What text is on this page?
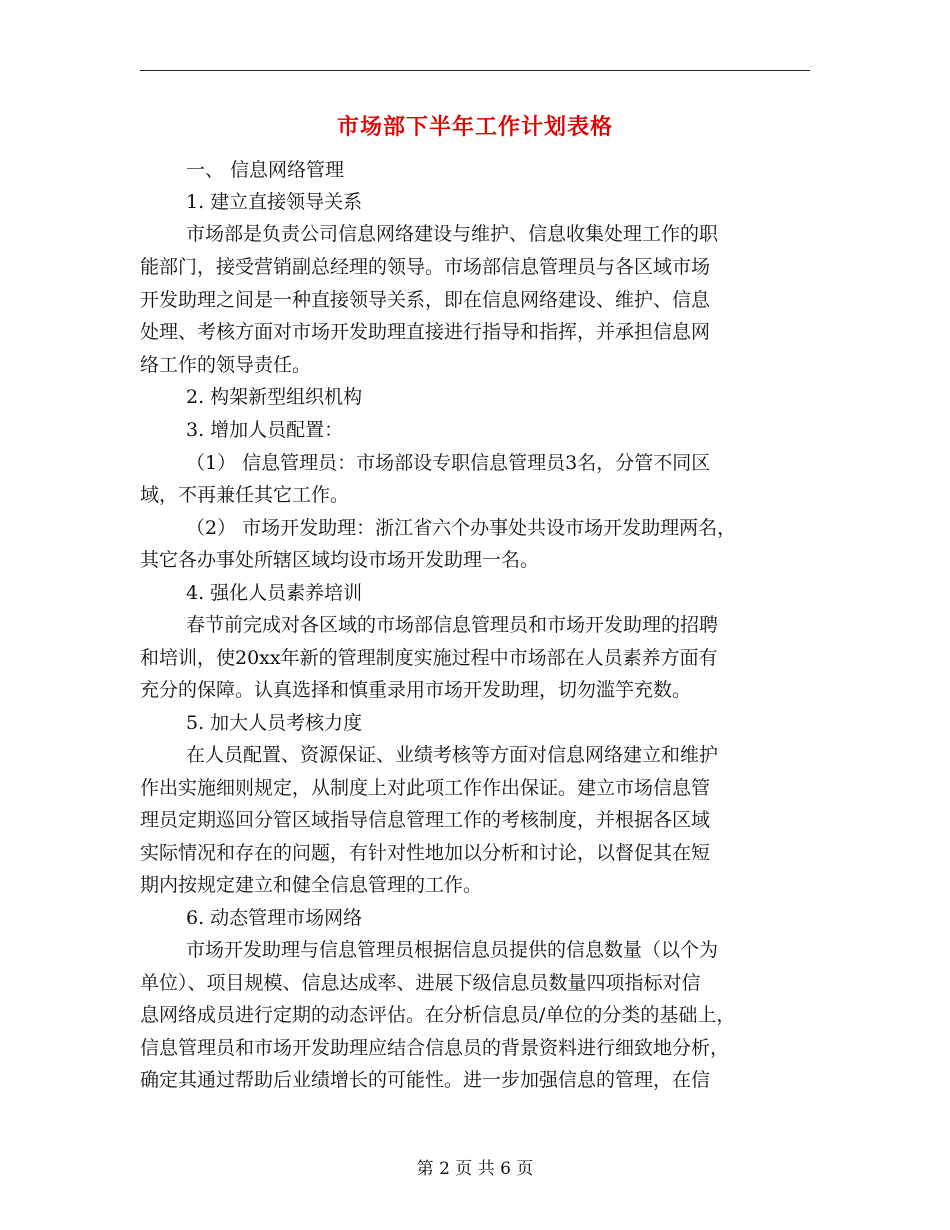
市场部下半年工作计划表格

一、 信息网络管理

1. 建立直接领导关系

市场部是负责公司信息网络建设与维护、信息收集处理工作的职

能部门，接受营销副总经理的领导。市场部信息管理员与各区域市场

开发助理之间是一种直接领导关系，即在信息网络建设、维护、信息

处理、考核方面对市场开发助理直接进行指导和指挥，并承担信息网

络工作的领导责任。

2. 构架新型组织机构

3. 增加人员配置：

（1） 信息管理员：市场部设专职信息管理员3名，分管不同区

域，不再兼任其它工作。

（2） 市场开发助理：浙江省六个办事处共设市场开发助理两名，

其它各办事处所辖区域均设市场开发助理一名。

4. 强化人员素养培训

春节前完成对各区域的市场部信息管理员和市场开发助理的招聘

和培训，使20xx年新的管理制度实施过程中市场部在人员素养方面有

充分的保障。认真选择和慎重录用市场开发助理，切勿滥竽充数。

5. 加大人员考核力度

在人员配置、资源保证、业绩考核等方面对信息网络建立和维护

作出实施细则规定，从制度上对此项工作作出保证。建立市场信息管

理员定期巡回分管区域指导信息管理工作的考核制度，并根据各区域

实际情况和存在的问题，有针对性地加以分析和讨论，以督促其在短

期内按规定建立和健全信息管理的工作。

6. 动态管理市场网络

市场开发助理与信息管理员根据信息员提供的信息数量（以个为

单位）、项目规模、信息达成率、进展下级信息员数量四项指标对信

息网络成员进行定期的动态评估。在分析信息员/单位的分类的基础上，

信息管理员和市场开发助理应结合信息员的背景资料进行细致地分析，

确定其通过帮助后业绩增长的可能性。进一步加强信息的管理，在信

第 2 页 共 6 页
